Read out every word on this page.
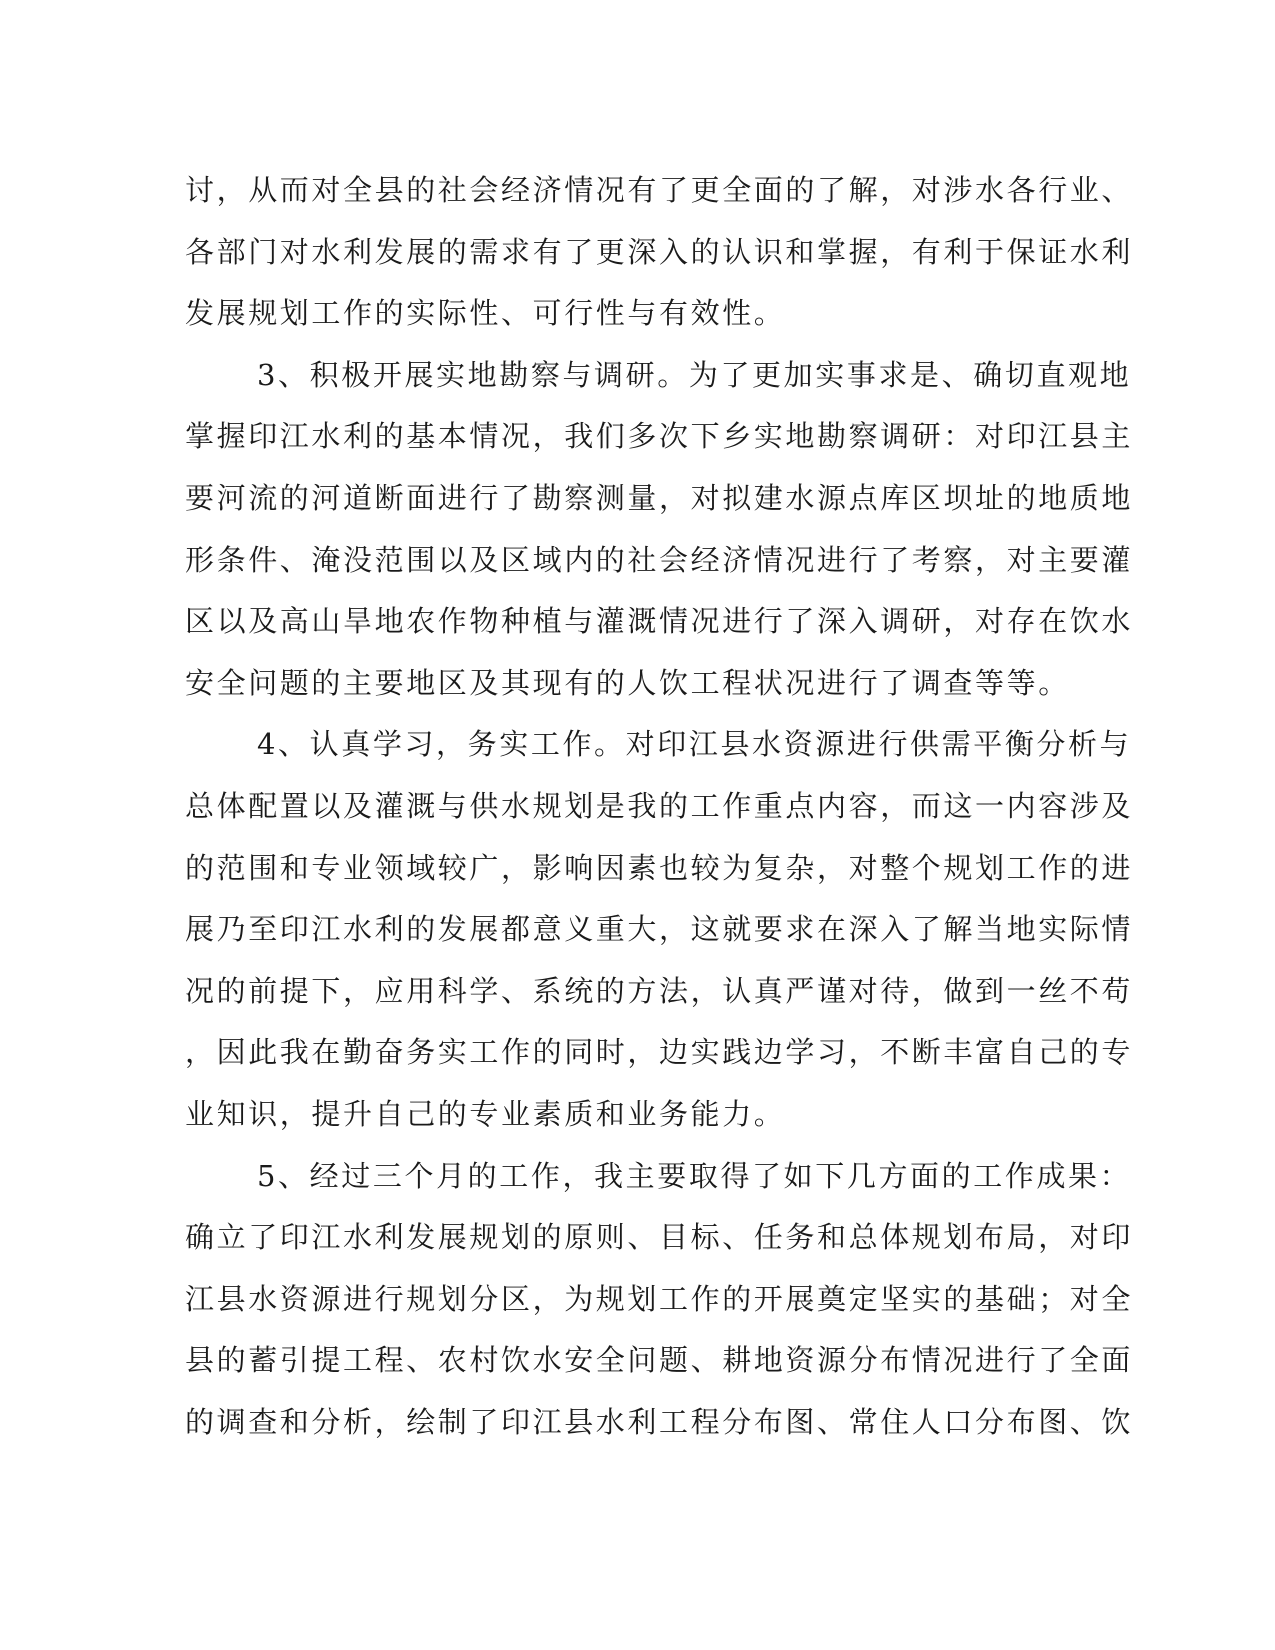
讨，从而对全县的社会经济情况有了更全面的了解，对涉水各行业、
各部门对水利发展的需求有了更深入的认识和掌握，有利于保证水利
发展规划工作的实际性、可行性与有效性。
3、积极开展实地勘察与调研。为了更加实事求是、确切直观地
掌握印江水利的基本情况，我们多次下乡实地勘察调研：对印江县主
要河流的河道断面进行了勘察测量，对拟建水源点库区坝址的地质地
形条件、淹没范围以及区域内的社会经济情况进行了考察，对主要灌
区以及高山旱地农作物种植与灌溉情况进行了深入调研，对存在饮水
安全问题的主要地区及其现有的人饮工程状况进行了调查等等。
4、认真学习，务实工作。对印江县水资源进行供需平衡分析与
总体配置以及灌溉与供水规划是我的工作重点内容，而这一内容涉及
的范围和专业领域较广，影响因素也较为复杂，对整个规划工作的进
展乃至印江水利的发展都意义重大，这就要求在深入了解当地实际情
况的前提下，应用科学、系统的方法，认真严谨对待，做到一丝不苟
，因此我在勤奋务实工作的同时，边实践边学习，不断丰富自己的专
业知识，提升自己的专业素质和业务能力。
5、经过三个月的工作，我主要取得了如下几方面的工作成果：
确立了印江水利发展规划的原则、目标、任务和总体规划布局，对印
江县水资源进行规划分区，为规划工作的开展奠定坚实的基础；对全
县的蓄引提工程、农村饮水安全问题、耕地资源分布情况进行了全面
的调查和分析，绘制了印江县水利工程分布图、常住人口分布图、饮
